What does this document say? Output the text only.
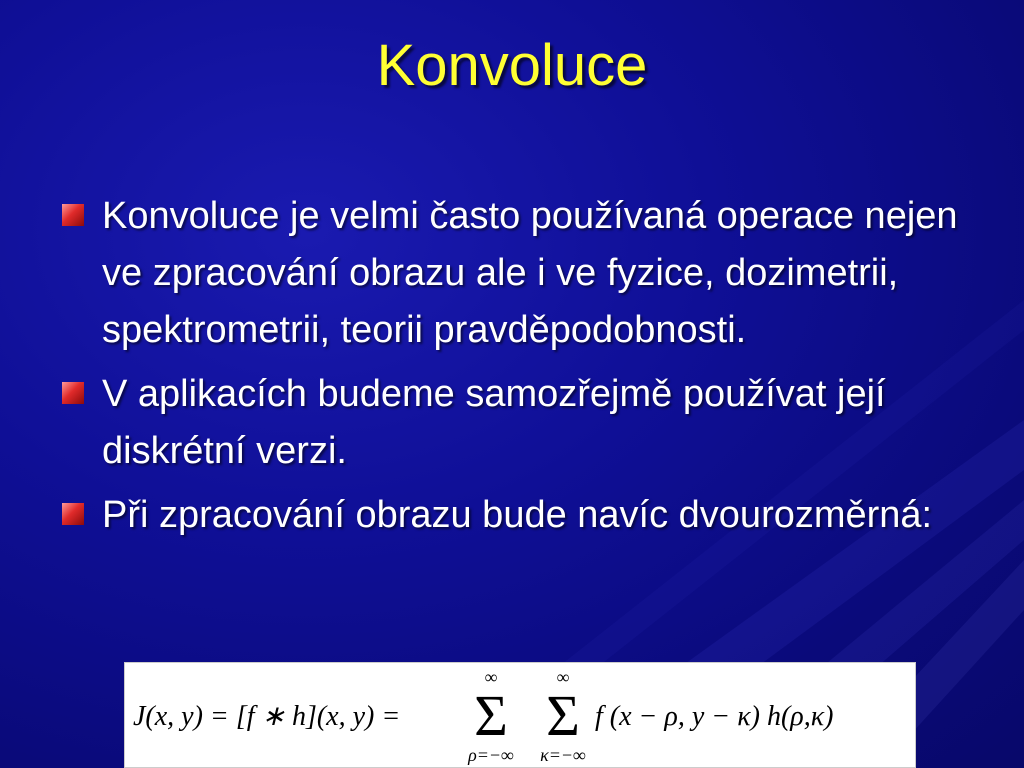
Konvoluce
Konvoluce je velmi často používaná operace nejen ve zpracování obrazu ale i ve fyzice, dozimetrii, spektrometrii, teorii pravděpodobnosti.
V aplikacích budeme samozřejmě používat její diskrétní verzi.
Při zpracování obrazu bude navíc dvourozměrná:
J(x, y) = [f ∗ h](x, y) =
∞
Σ
ρ=−∞
∞
Σ
κ=−∞
f (x − ρ, y − κ) h(ρ,κ)
